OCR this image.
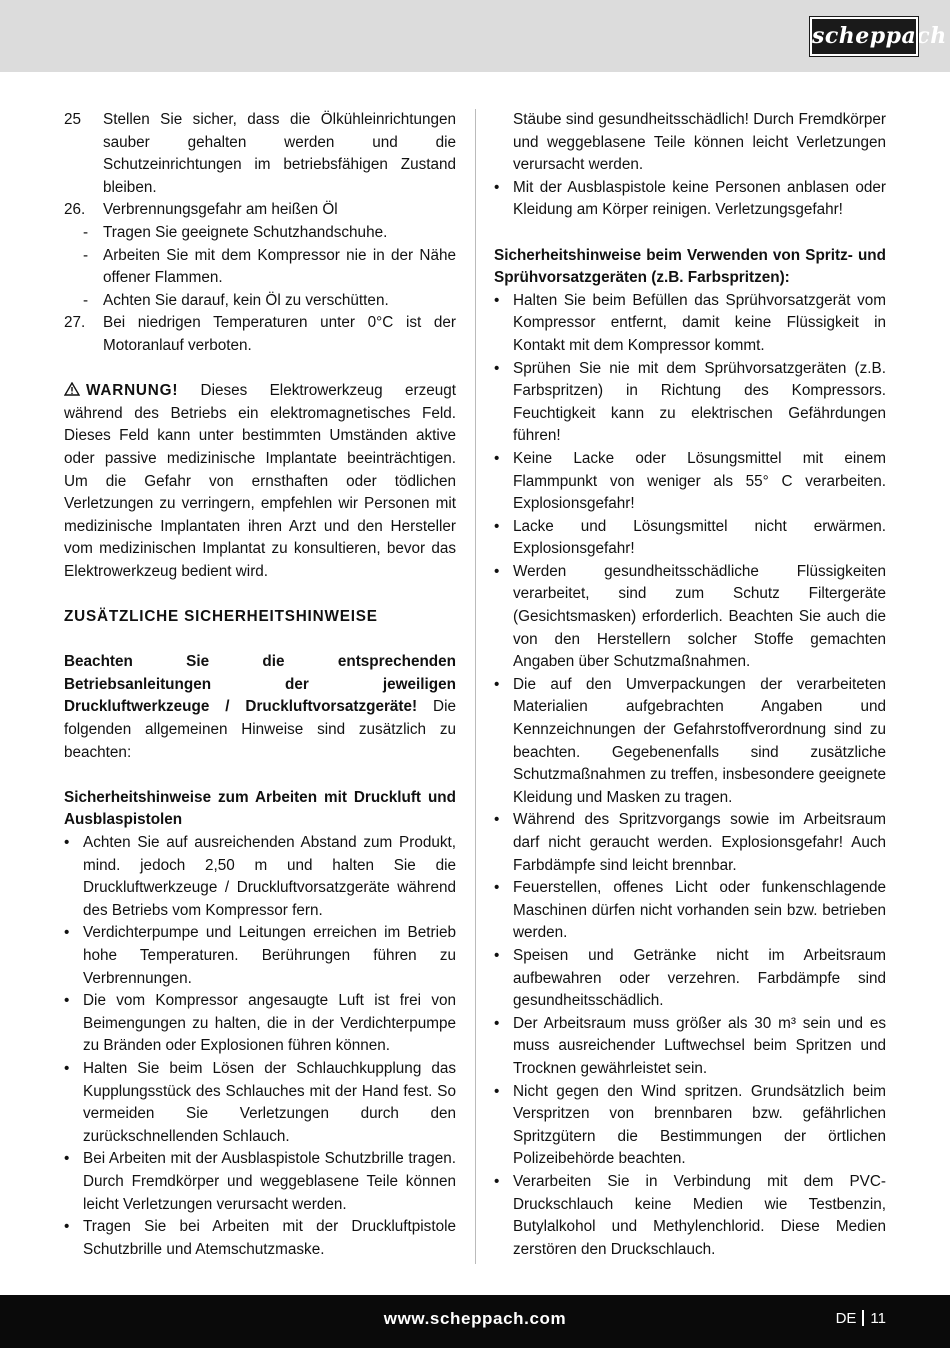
scheppach
25	Stellen Sie sicher, dass die Ölkühleinrichtungen sauber gehalten werden und die Schutzeinrichtungen im betriebsfähigen Zustand bleiben.
26.	Verbrennungsgefahr am heißen Öl
- Tragen Sie geeignete Schutzhandschuhe.
- Arbeiten Sie mit dem Kompressor nie in der Nähe offener Flammen.
- Achten Sie darauf, kein Öl zu verschütten.
27.	Bei niedrigen Temperaturen unter 0°C ist der Motoranlauf verboten.
WARNUNG! Dieses Elektrowerkzeug erzeugt während des Betriebs ein elektromagnetisches Feld. Dieses Feld kann unter bestimmten Umständen aktive oder passive medizinische Implantate beeinträchtigen. Um die Gefahr von ernsthaften oder tödlichen Verletzungen zu verringern, empfehlen wir Personen mit medizinische Implantaten ihren Arzt und den Hersteller vom medizinischen Implantat zu konsultieren, bevor das Elektrowerkzeug bedient wird.
ZUSÄTZLICHE SICHERHEITSHINWEISE
Beachten Sie die entsprechenden Betriebsanleitungen der jeweiligen Druckluftwerkzeuge / Druckluftvorsatzgeräte! Die folgenden allgemeinen Hinweise sind zusätzlich zu beachten:
Sicherheitshinweise zum Arbeiten mit Druckluft und Ausblaspistolen
• Achten Sie auf ausreichenden Abstand zum Produkt, mind. jedoch 2,50 m und halten Sie die Druckluftwerkzeuge / Druckluftvorsatzgeräte während des Betriebs vom Kompressor fern.
• Verdichterpumpe und Leitungen erreichen im Betrieb hohe Temperaturen. Berührungen führen zu Verbrennungen.
• Die vom Kompressor angesaugte Luft ist frei von Beimengungen zu halten, die in der Verdichterpumpe zu Bränden oder Explosionen führen können.
• Halten Sie beim Lösen der Schlauchkupplung das Kupplungsstück des Schlauches mit der Hand fest. So vermeiden Sie Verletzungen durch den zurückschnellenden Schlauch.
• Bei Arbeiten mit der Ausblaspistole Schutzbrille tragen. Durch Fremdkörper und weggeblasene Teile können leicht Verletzungen verursacht werden.
• Tragen Sie bei Arbeiten mit der Druckluftpistole Schutzbrille und Atemschutzmaske.
Stäube sind gesundheitsschädlich! Durch Fremdkörper und weggeblasene Teile können leicht Verletzungen verursacht werden.
• Mit der Ausblaspistole keine Personen anblasen oder Kleidung am Körper reinigen. Verletzungsgefahr!
Sicherheitshinweise beim Verwenden von Spritz- und Sprühvorsatzgeräten (z.B. Farbspritzen):
• Halten Sie beim Befüllen das Sprühvorsatzgerät vom Kompressor entfernt, damit keine Flüssigkeit in Kontakt mit dem Kompressor kommt.
• Sprühen Sie nie mit dem Sprühvorsatzgeräten (z.B. Farbspritzen) in Richtung des Kompressors. Feuchtigkeit kann zu elektrischen Gefährdungen führen!
• Keine Lacke oder Lösungsmittel mit einem Flammpunkt von weniger als 55° C verarbeiten. Explosionsgefahr!
• Lacke und Lösungsmittel nicht erwärmen. Explosionsgefahr!
• Werden gesundheitsschädliche Flüssigkeiten verarbeitet, sind zum Schutz Filtergeräte (Gesichtsmasken) erforderlich. Beachten Sie auch die von den Herstellern solcher Stoffe gemachten Angaben über Schutzmaßnahmen.
• Die auf den Umverpackungen der verarbeiteten Materialien aufgebrachten Angaben und Kennzeichnungen der Gefahrstoffverordnung sind zu beachten. Gegebenenfalls sind zusätzliche Schutzmaßnahmen zu treffen, insbesondere geeignete Kleidung und Masken zu tragen.
• Während des Spritzvorgangs sowie im Arbeitsraum darf nicht geraucht werden. Explosionsgefahr! Auch Farbdämpfe sind leicht brennbar.
• Feuerstellen, offenes Licht oder funkenschlagende Maschinen dürfen nicht vorhanden sein bzw. betrieben werden.
• Speisen und Getränke nicht im Arbeitsraum aufbewahren oder verzehren. Farbdämpfe sind gesundheitsschädlich.
• Der Arbeitsraum muss größer als 30 m³ sein und es muss ausreichender Luftwechsel beim Spritzen und Trocknen gewährleistet sein.
• Nicht gegen den Wind spritzen. Grundsätzlich beim Verspritzen von brennbaren bzw. gefährlichen Spritzgütern die Bestimmungen der örtlichen Polizeibehörde beachten.
• Verarbeiten Sie in Verbindung mit dem PVC-Druckschlauch keine Medien wie Testbenzin, Butylalkohol und Methylenchlorid. Diese Medien zerstören den Druckschlauch.
www.scheppach.com	DE 11
